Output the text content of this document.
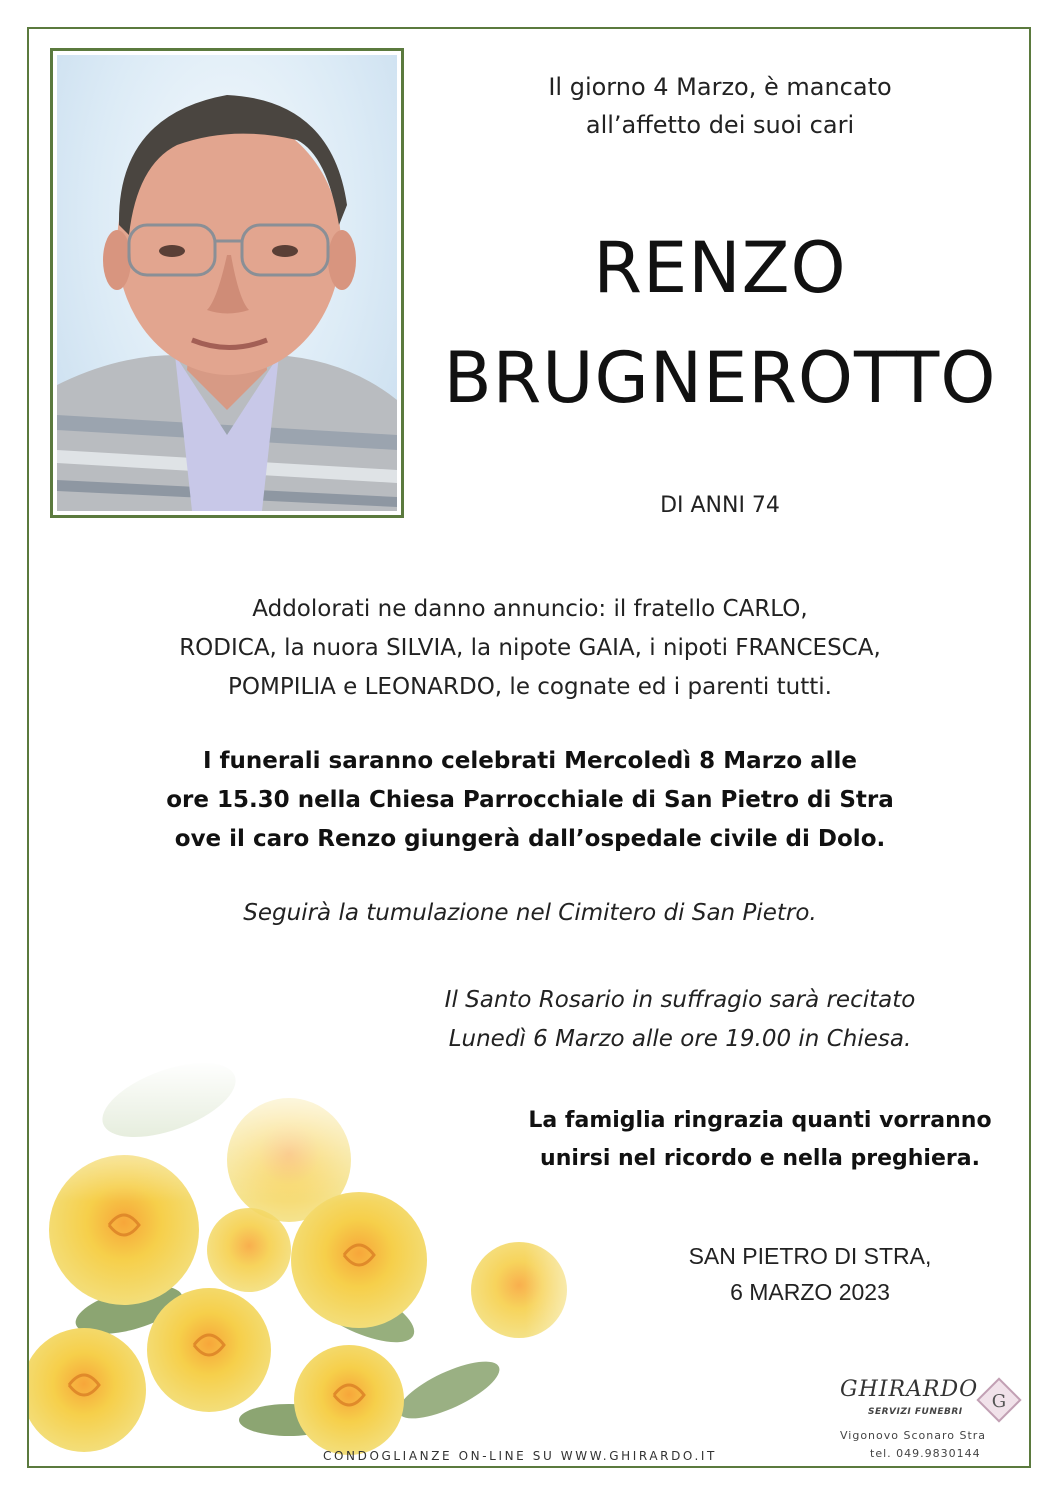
Il giorno 4 Marzo, è mancato
all’affetto dei suoi cari
RENZO
BRUGNEROTTO
DI ANNI 74
Addolorati ne danno annuncio: il fratello CARLO,
RODICA, la nuora SILVIA, la nipote GAIA, i nipoti FRANCESCA,
POMPILIA e LEONARDO, le cognate ed i parenti tutti.
I funerali saranno celebrati Mercoledì 8 Marzo alle
ore 15.30 nella Chiesa Parrocchiale di San Pietro di Stra
ove il caro Renzo giungerà dall’ospedale civile di Dolo.
Seguirà la tumulazione nel Cimitero di San Pietro.
Il Santo Rosario in suffragio sarà recitato
Lunedì 6 Marzo alle ore 19.00 in Chiesa.
La famiglia ringrazia quanti vorranno
unirsi nel ricordo e nella preghiera.
SAN PIETRO DI STRA,
6 MARZO 2023
GHIRARDO
SERVIZI FUNEBRI G
Vigonovo Sconaro Stra
tel. 049.9830144
CONDOGLIANZE ON-LINE SU WWW.GHIRARDO.IT
